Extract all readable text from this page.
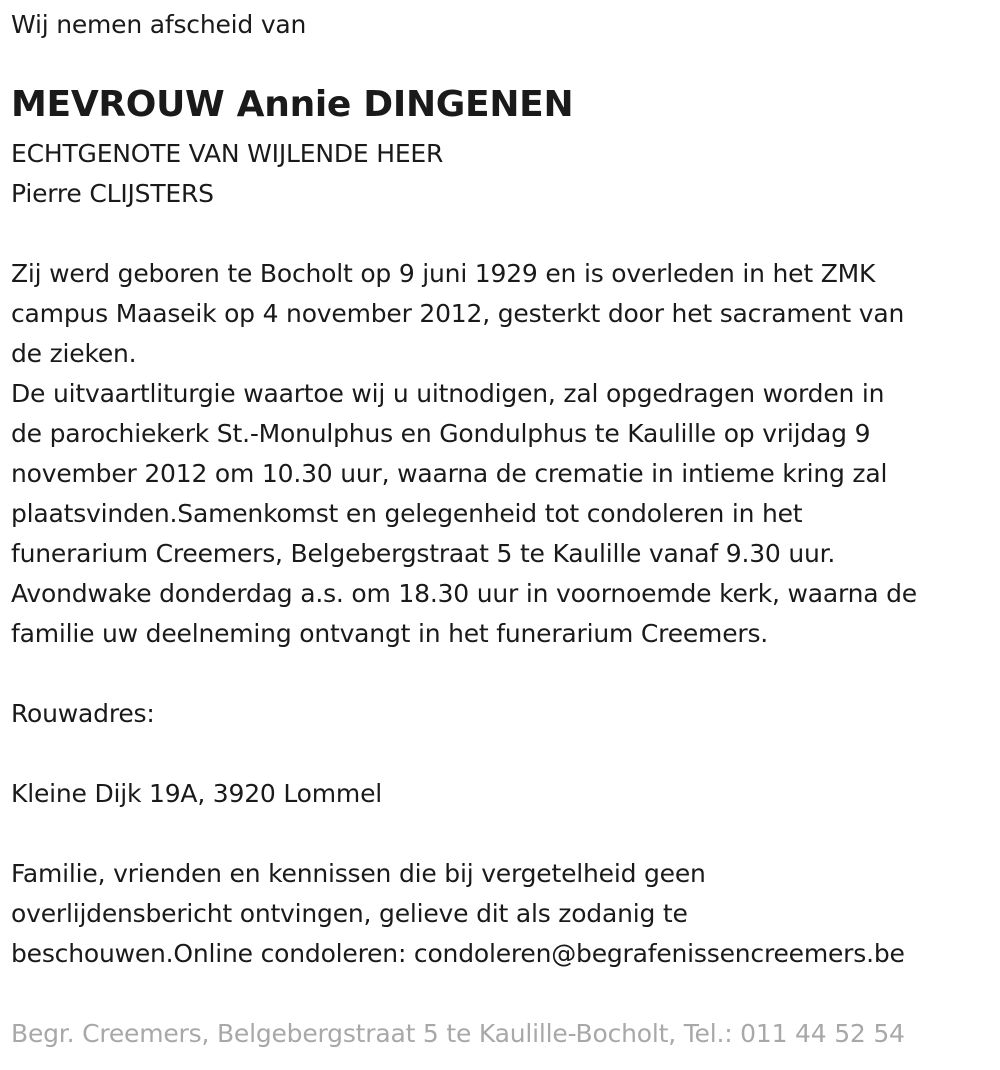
Wij nemen afscheid van
MEVROUW Annie DINGENEN
ECHTGENOTE VAN WIJLENDE HEER
Pierre CLIJSTERS
Zij werd geboren te Bocholt op 9 juni 1929 en is overleden in het ZMK
campus Maaseik op 4 november 2012, gesterkt door het sacrament van
de zieken.
De uitvaartliturgie waartoe wij u uitnodigen, zal opgedragen worden in
de parochiekerk St.-Monulphus en Gondulphus te Kaulille op vrijdag 9
november 2012 om 10.30 uur, waarna de crematie in intieme kring zal
plaatsvinden.Samenkomst en gelegenheid tot condoleren in het
funerarium Creemers, Belgebergstraat 5 te Kaulille vanaf 9.30 uur.
Avondwake donderdag a.s. om 18.30 uur in voornoemde kerk, waarna de
familie uw deelneming ontvangt in het funerarium Creemers.
Rouwadres:
Kleine Dijk 19A, 3920 Lommel
Familie, vrienden en kennissen die bij vergetelheid geen
overlijdensbericht ontvingen, gelieve dit als zodanig te
beschouwen.Online condoleren: condoleren@begrafenissencreemers.be
Begr. Creemers, Belgebergstraat 5 te Kaulille-Bocholt, Tel.: 011 44 52 54
